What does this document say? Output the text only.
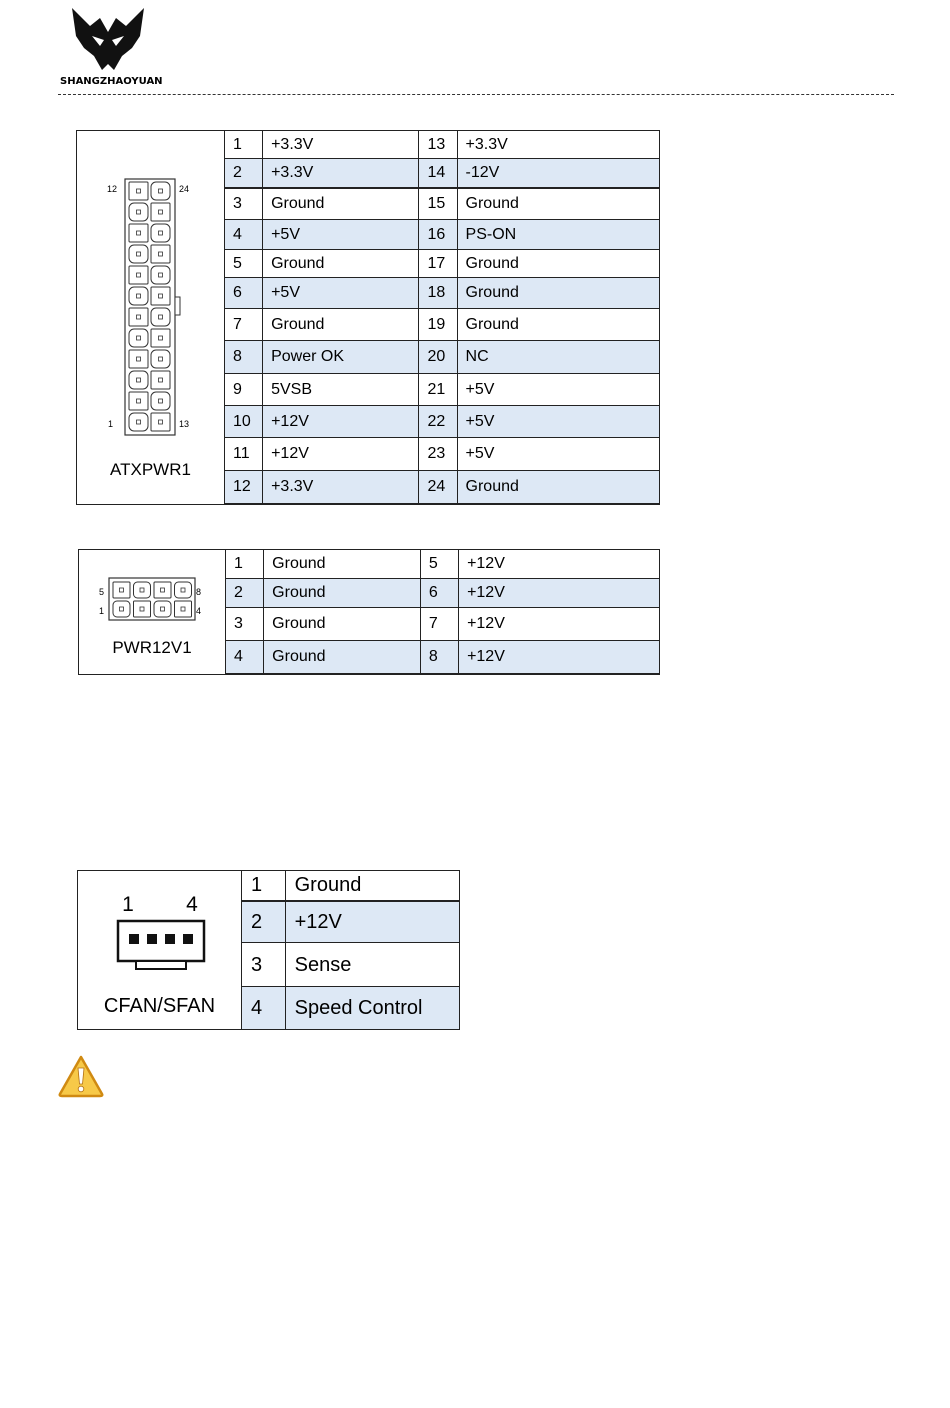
SHANGZHAOYUAN
12	24
1	13
ATXPWR1
1	+3.3V	13	+3.3V
2	+3.3V	14	-12V
3	Ground	15	Ground
4	+5V	16	PS-ON
5	Ground	17	Ground
6	+5V	18	Ground
7	Ground	19	Ground
8	Power OK	20	NC
9	5VSB	21	+5V
10	+12V	22	+5V
11	+12V	23	+5V
12	+3.3V	24	Ground
5	8
1	4
PWR12V1
1	Ground	5	+12V
2	Ground	6	+12V
3	Ground	7	+12V
4	Ground	8	+12V
1 4
CFAN/SFAN
1	Ground
2	+12V
3	Sense
4	Speed Control
